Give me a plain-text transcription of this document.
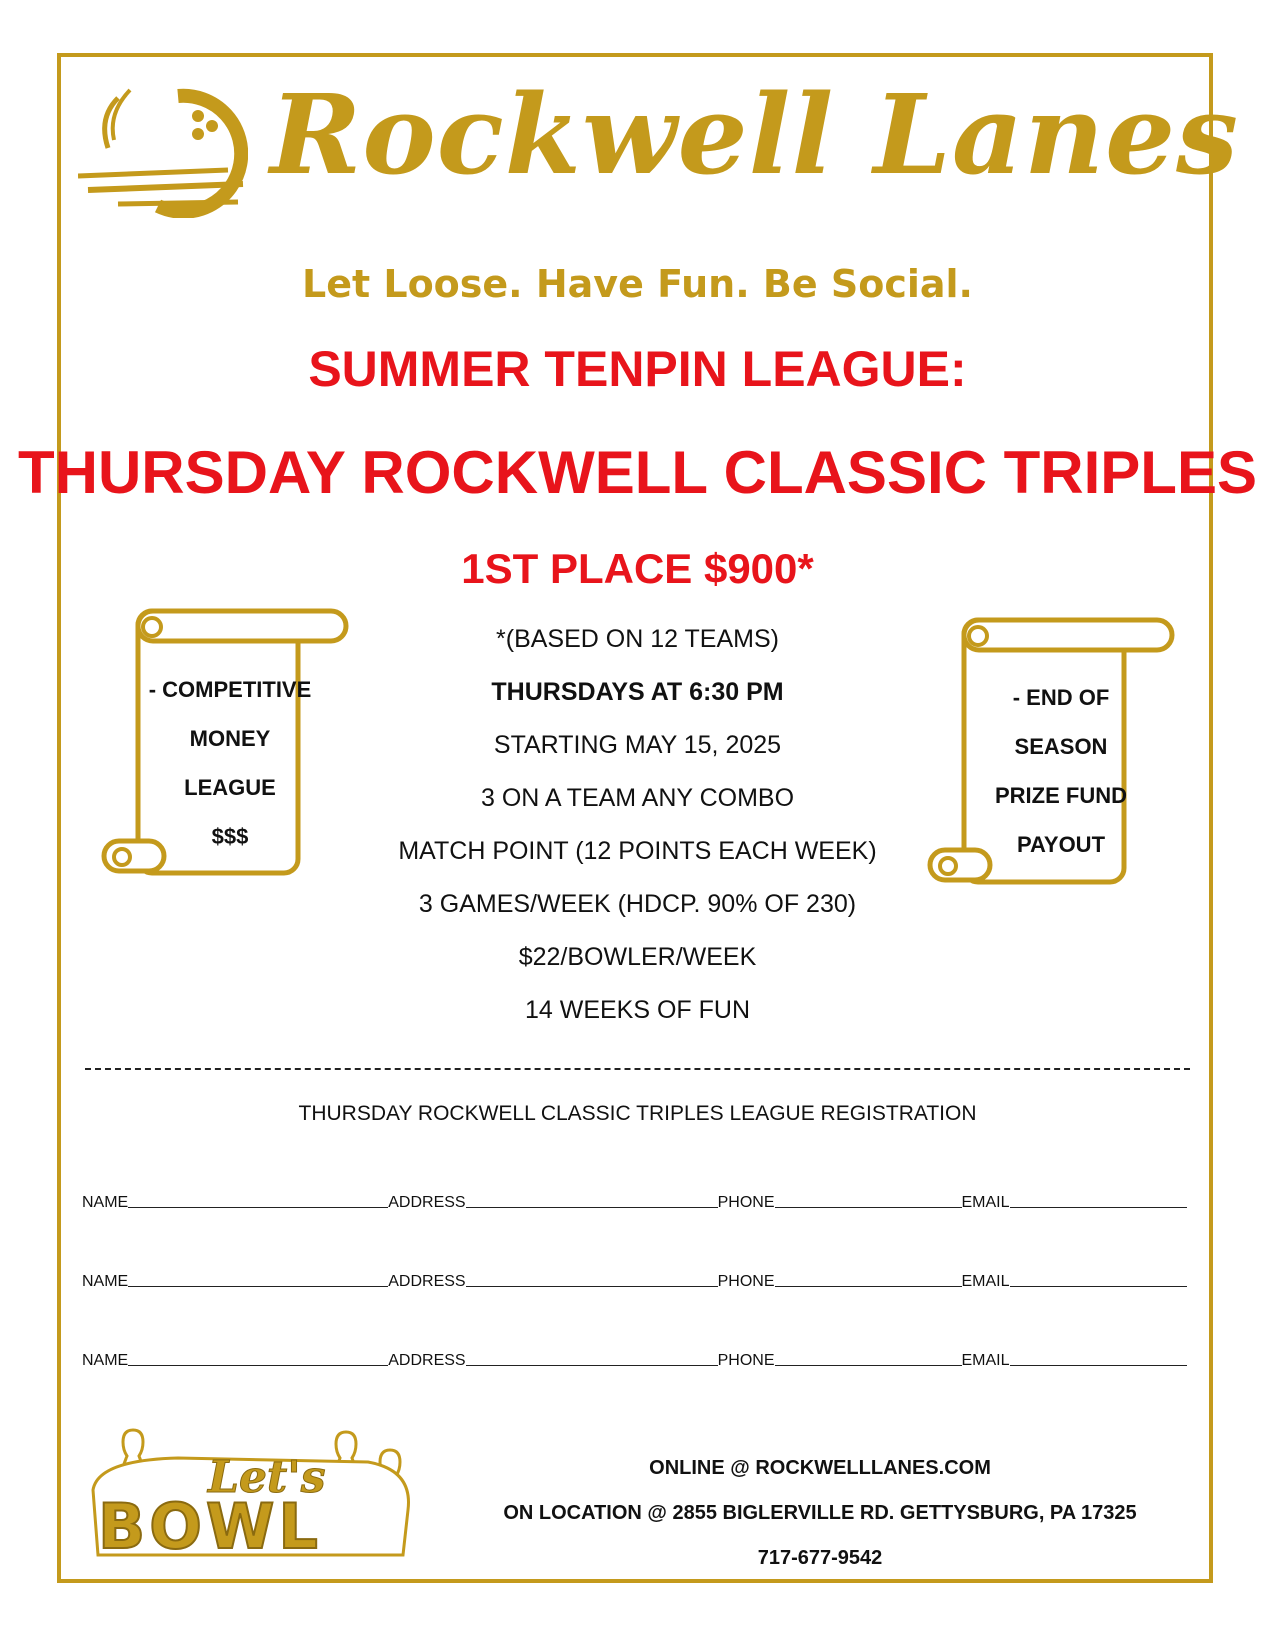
Rockwell Lanes
Let Loose. Have Fun. Be Social.
SUMMER TENPIN LEAGUE:
THURSDAY ROCKWELL CLASSIC TRIPLES
1ST PLACE $900*
*(BASED ON 12 TEAMS)
THURSDAYS AT 6:30 PM
STARTING MAY 15, 2025
3 ON A TEAM ANY COMBO
MATCH POINT (12 POINTS EACH WEEK)
3 GAMES/WEEK (HDCP. 90% OF 230)
$22/BOWLER/WEEK
14 WEEKS OF FUN
- COMPETITIVE
MONEY
LEAGUE
$$$
- END OF
SEASON
PRIZE FUND
PAYOUT
THURSDAY ROCKWELL CLASSIC TRIPLES LEAGUE REGISTRATION
NAME	ADDRESS	PHONE	EMAIL
NAME	ADDRESS	PHONE	EMAIL
NAME	ADDRESS	PHONE	EMAIL
Let's
BOWL
ONLINE @ ROCKWELLLANES.COM
ON LOCATION @ 2855 BIGLERVILLE RD. GETTYSBURG, PA 17325
717-677-9542
